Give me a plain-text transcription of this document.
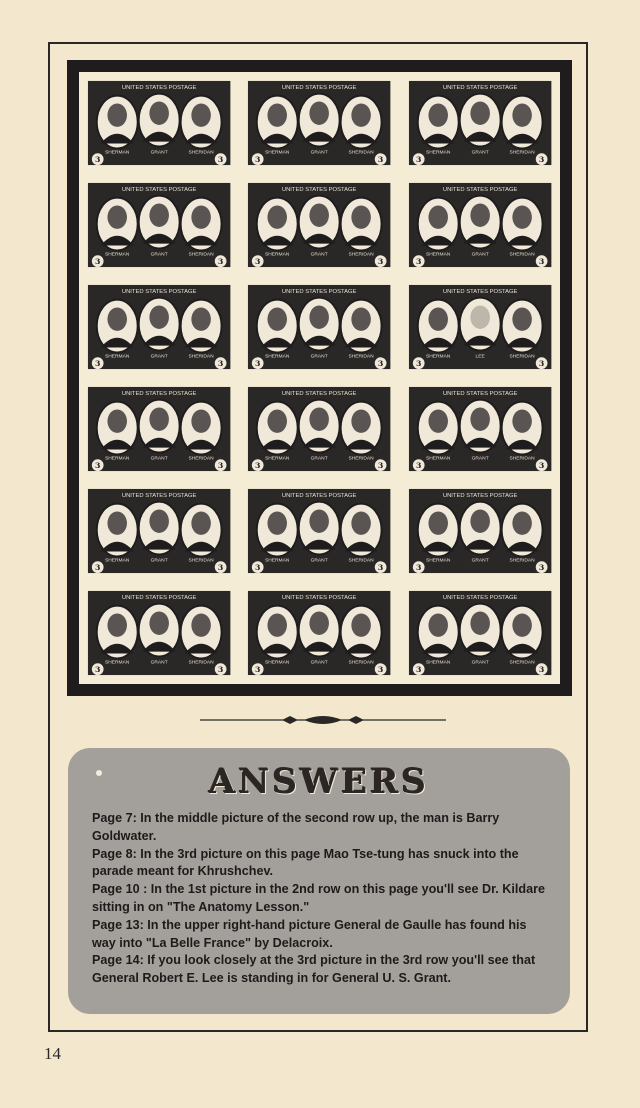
UNITED STATES POSTAGE
SHERMAN	GRANT	SHERIDAN
3	3
UNITED STATES POSTAGE
SHERMAN	GRANT	SHERIDAN
3	3
UNITED STATES POSTAGE
SHERMAN	GRANT	SHERIDAN
3	3
UNITED STATES POSTAGE
SHERMAN	GRANT	SHERIDAN
3	3
UNITED STATES POSTAGE
SHERMAN	GRANT	SHERIDAN
3	3
UNITED STATES POSTAGE
SHERMAN	GRANT	SHERIDAN
3	3
UNITED STATES POSTAGE
SHERMAN	GRANT	SHERIDAN
3	3
UNITED STATES POSTAGE
SHERMAN	GRANT	SHERIDAN
3	3
UNITED STATES POSTAGE
SHERMAN	LEE	SHERIDAN
3	3
UNITED STATES POSTAGE
SHERMAN	GRANT	SHERIDAN
3	3
UNITED STATES POSTAGE
SHERMAN	GRANT	SHERIDAN
3	3
UNITED STATES POSTAGE
SHERMAN	GRANT	SHERIDAN
3	3
UNITED STATES POSTAGE
SHERMAN	GRANT	SHERIDAN
3	3
UNITED STATES POSTAGE
SHERMAN	GRANT	SHERIDAN
3	3
UNITED STATES POSTAGE
SHERMAN	GRANT	SHERIDAN
3	3
UNITED STATES POSTAGE
SHERMAN	GRANT	SHERIDAN
3	3
UNITED STATES POSTAGE
SHERMAN	GRANT	SHERIDAN
3	3
UNITED STATES POSTAGE
SHERMAN	GRANT	SHERIDAN
3	3
ANSWERS

Page 7: In the middle picture of the second row up, the man is Barry Goldwater.

Page 8: In the 3rd picture on this page Mao Tse-tung has snuck into the parade meant for Khrushchev.

Page 10 : In the 1st picture in the 2nd row on this page you'll see Dr. Kildare sitting in on "The Anatomy Lesson."

Page 13: In the upper right-hand picture General de Gaulle has found his way into "La Belle France" by Delacroix.

Page 14: If you look closely at the 3rd picture in the 3rd row you'll see that General Robert E. Lee is standing in for General U. S. Grant.

14
